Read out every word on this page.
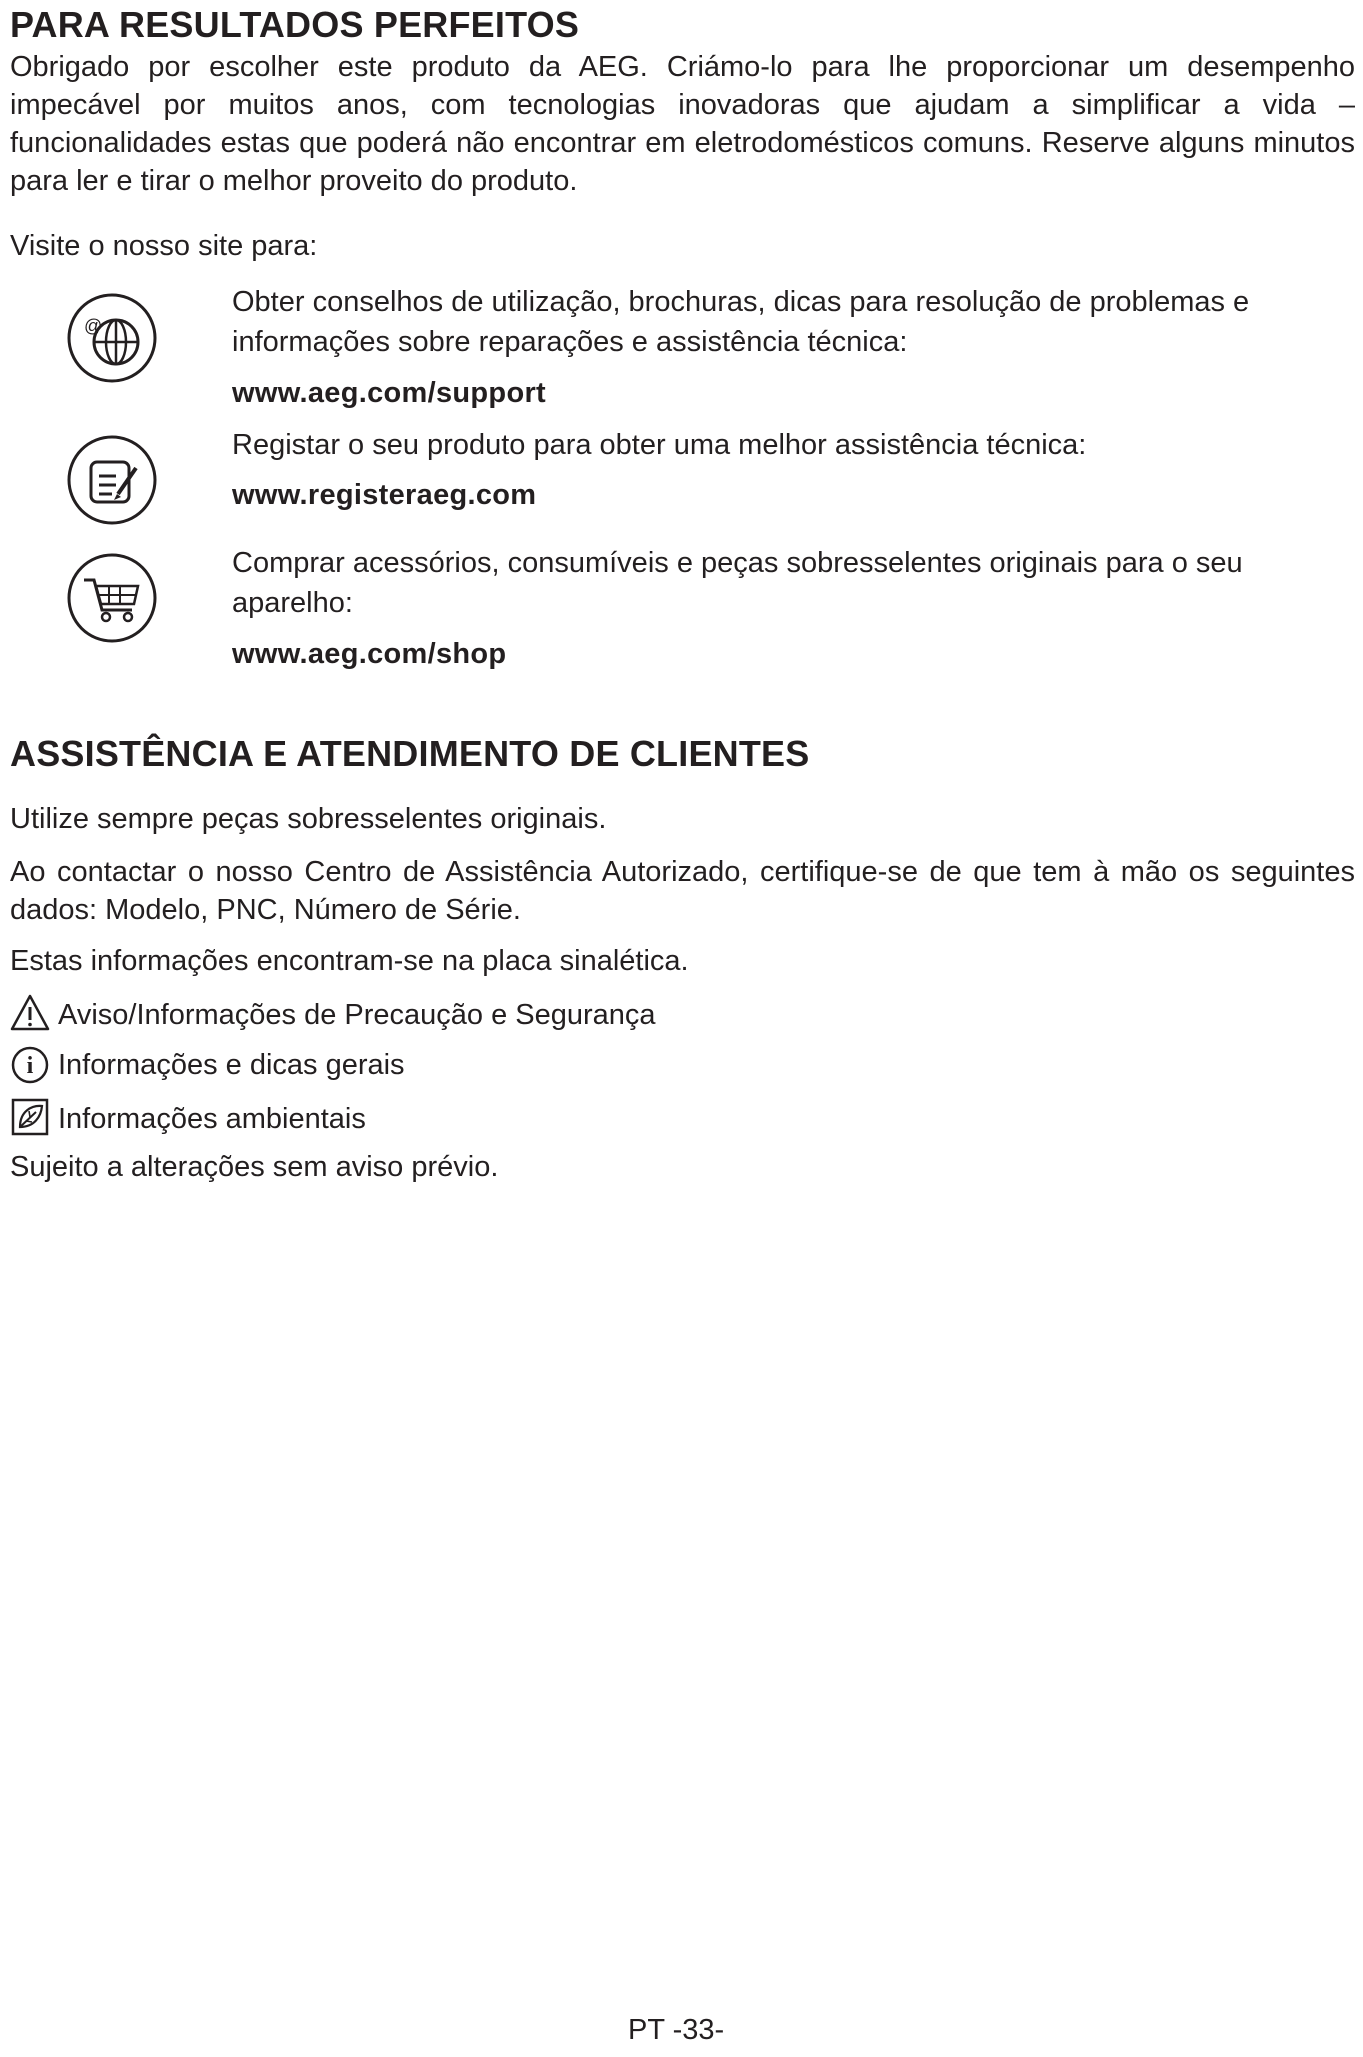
PARA RESULTADOS PERFEITOS

Obrigado por escolher este produto da AEG. Criámo-lo para lhe proporcionar um desempenho impecável por muitos anos, com tecnologias inovadoras que ajudam a simplificar a vida – funcionalidades estas que poderá não encontrar em eletrodomésticos comuns. Reserve alguns minutos para ler e tirar o melhor proveito do produto.

Visite o nosso site para:

@

Obter conselhos de utilização, brochuras, dicas para resolução de problemas e informações sobre reparações e assistência técnica:

www.aeg.com/support

Registar o seu produto para obter uma melhor assistência técnica:

www.registeraeg.com

Comprar acessórios, consumíveis e peças sobresselentes originais para o seu aparelho:

www.aeg.com/shop

ASSISTÊNCIA E ATENDIMENTO DE CLIENTES

Utilize sempre peças sobresselentes originais.

Ao contactar o nosso Centro de Assistência Autorizado, certifique-se de que tem à mão os seguintes dados: Modelo, PNC, Número de Série.

Estas informações encontram-se na placa sinalética.

Aviso/Informações de Precaução e Segurança

i Informações e dicas gerais

Informações ambientais

Sujeito a alterações sem aviso prévio.

PT -33-
